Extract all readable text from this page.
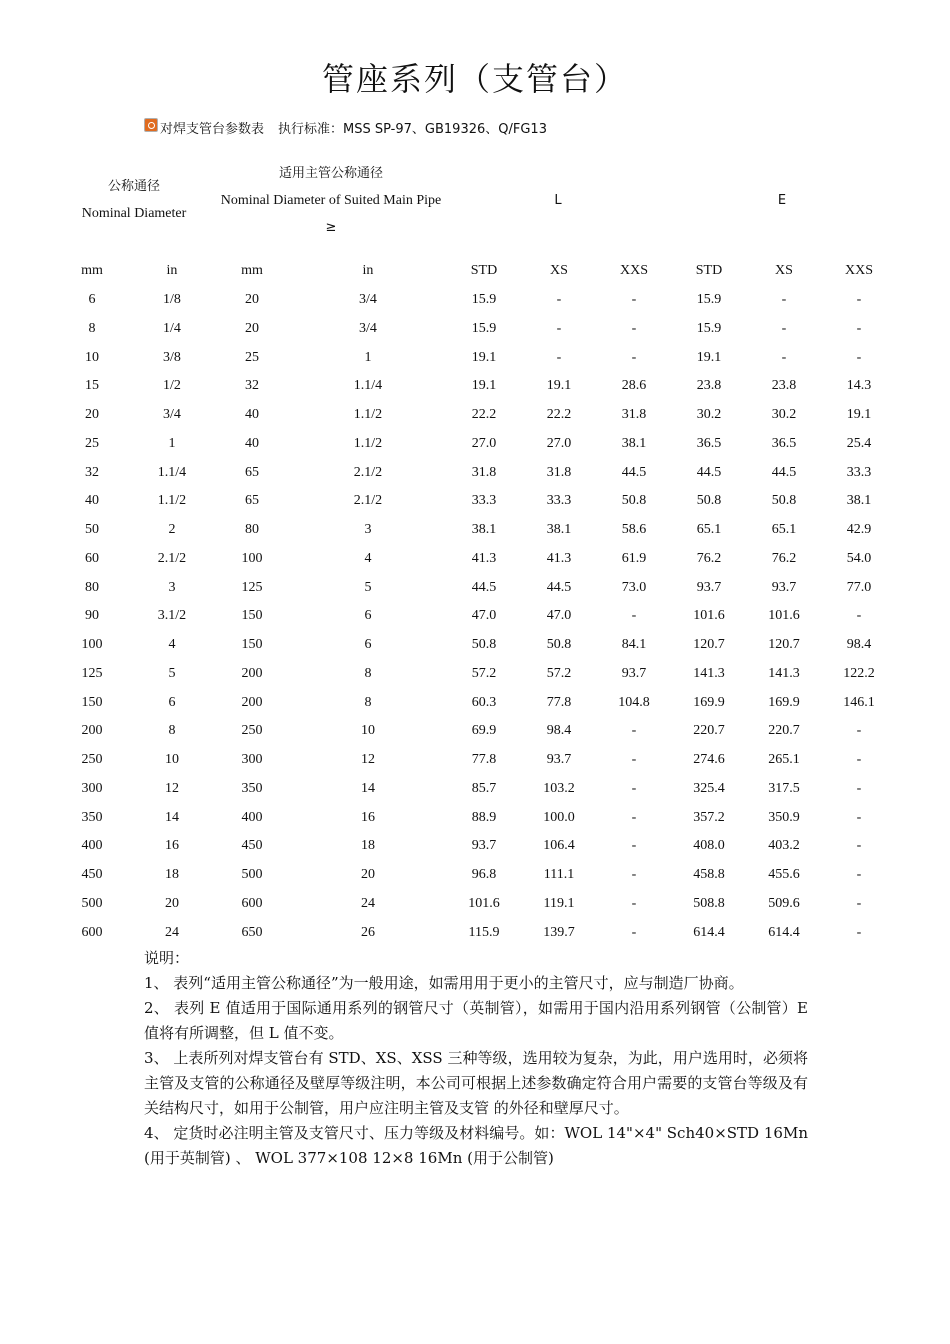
管座系列（支管台）
对焊支管台参数表 执行标准：MSS SP-97、GB19326、Q/FG13
公称通径
Nominal Diameter
适用主管公称通径
Nominal Diameter of Suited Main Pipe
≥
L	E
mm	in	mm	in	STD	XS	XXS	STD	XS	XXS
6	1/8	20	3/4	15.9	-	-	15.9	-	-
8	1/4	20	3/4	15.9	-	-	15.9	-	-
10	3/8	25	1	19.1	-	-	19.1	-	-
15	1/2	32	1.1/4	19.1	19.1	28.6	23.8	23.8	14.3
20	3/4	40	1.1/2	22.2	22.2	31.8	30.2	30.2	19.1
25	1	40	1.1/2	27.0	27.0	38.1	36.5	36.5	25.4
32	1.1/4	65	2.1/2	31.8	31.8	44.5	44.5	44.5	33.3
40	1.1/2	65	2.1/2	33.3	33.3	50.8	50.8	50.8	38.1
50	2	80	3	38.1	38.1	58.6	65.1	65.1	42.9
60	2.1/2	100	4	41.3	41.3	61.9	76.2	76.2	54.0
80	3	125	5	44.5	44.5	73.0	93.7	93.7	77.0
90	3.1/2	150	6	47.0	47.0	-	101.6	101.6	-
100	4	150	6	50.8	50.8	84.1	120.7	120.7	98.4
125	5	200	8	57.2	57.2	93.7	141.3	141.3	122.2
150	6	200	8	60.3	77.8	104.8	169.9	169.9	146.1
200	8	250	10	69.9	98.4	-	220.7	220.7	-
250	10	300	12	77.8	93.7	-	274.6	265.1	-
300	12	350	14	85.7	103.2	-	325.4	317.5	-
350	14	400	16	88.9	100.0	-	357.2	350.9	-
400	16	450	18	93.7	106.4	-	408.0	403.2	-
450	18	500	20	96.8	111.1	-	458.8	455.6	-
500	20	600	24	101.6	119.1	-	508.8	509.6	-
600	24	650	26	115.9	139.7	-	614.4	614.4	-

说明：

1、 表列“适用主管公称通径”为一般用途，如需用用于更小的主管尺寸，应与制造厂协商。

2、 表列 E 值适用于国际通用系列的钢管尺寸（英制管），如需用于国内沿用系列钢管（公制管）E 值将有所调整，但 L 值不变。

3、 上表所列对焊支管台有 STD、XS、XSS 三种等级，选用较为复杂，为此，用户选用时，必须将主管及支管的公称通径及壁厚等级注明，本公司可根据上述参数确定符合用户需要的支管台等级及有关结构尺寸，如用于公制管，用户应注明主管及支管 的外径和壁厚尺寸。

4、 定货时必注明主管及支管尺寸、压力等级及材料编号。如：WOL 14"×4" Sch40×STD 16Mn (用于英制管) 、 WOL 377×108 12×8 16Mn (用于公制管)
